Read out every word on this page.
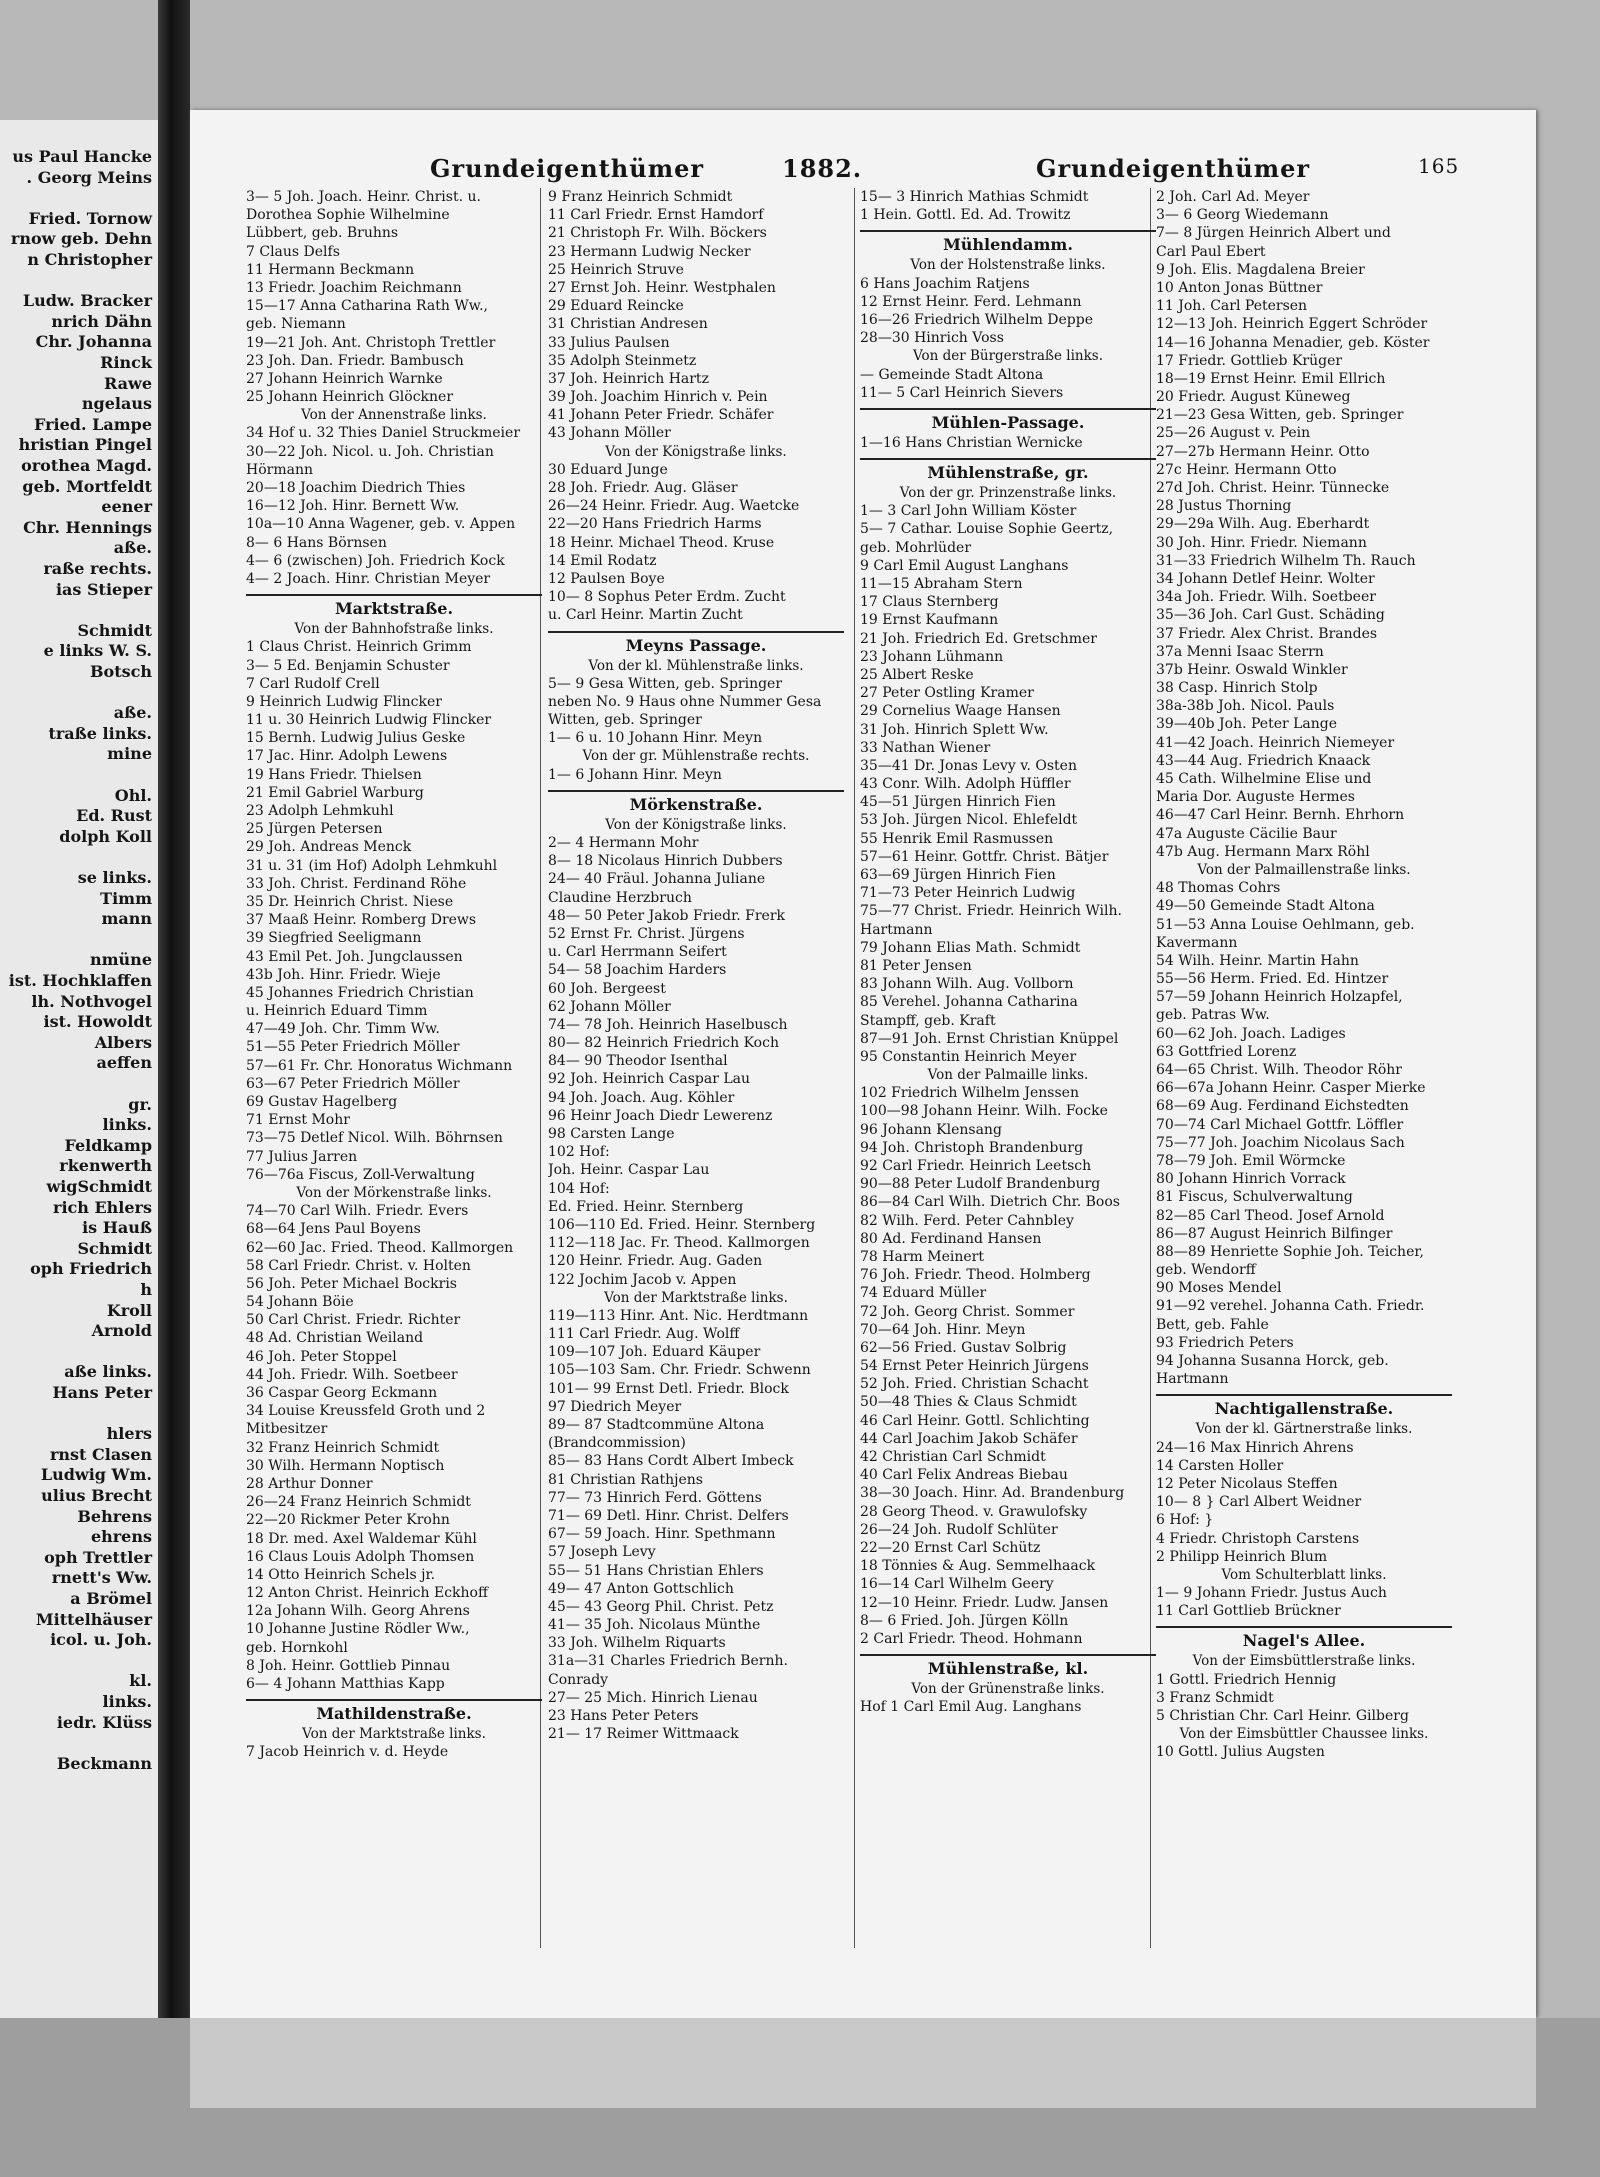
us Paul Hancke
. Georg Meins
Fried. Tornow
rnow geb. Dehn
n Christopher
Ludw. Bracker
nrich Dähn
Chr. Johanna
Rinck
Rawe
ngelaus
Fried. Lampe
hristian Pingel
orothea Magd.
geb. Mortfeldt
eener
Chr. Hennings
aße.
raße rechts.
ias Stieper
Schmidt
e links W. S.
Botsch
aße.
traße links.
mine
Ohl.
Ed. Rust
dolph Koll
se links.
Timm
mann
nmüne
ist. Hochklaffen
lh. Nothvogel
ist. Howoldt
Albers
aeffen
gr.
links.
Feldkamp
rkenwerth
wigSchmidt
rich Ehlers
is Hauß
Schmidt
oph Friedrich
h
Kroll
Arnold
aße links.
Hans Peter
hlers
rnst Clasen
Ludwig Wm.
ulius Brecht
Behrens
ehrens
oph Trettler
rnett's Ww.
a Brömel
Mittelhäuser
icol. u. Joh.
kl.
links.
iedr. Klüss
Beckmann
Grundeigenthümer	1882.	Grundeigenthümer	165
3— 5 Joh. Joach. Heinr. Christ. u.
Dorothea Sophie Wilhelmine
Lübbert, geb. Bruhns
7 Claus Delfs
11 Hermann Beckmann
13 Friedr. Joachim Reichmann
15—17 Anna Catharina Rath Ww.,
geb. Niemann
19—21 Joh. Ant. Christoph Trettler
23 Joh. Dan. Friedr. Bambusch
27 Johann Heinrich Warnke
25 Johann Heinrich Glöckner
Von der Annenstraße links.
34 Hof u. 32 Thies Daniel Struckmeier
30—22 Joh. Nicol. u. Joh. Christian
Hörmann
20—18 Joachim Diedrich Thies
16—12 Joh. Hinr. Bernett Ww.
10a—10 Anna Wagener, geb. v. Appen
8— 6 Hans Börnsen
4— 6 (zwischen) Joh. Friedrich Kock
4— 2 Joach. Hinr. Christian Meyer
Marktstraße.
Von der Bahnhofstraße links.
1 Claus Christ. Heinrich Grimm
3— 5 Ed. Benjamin Schuster
7 Carl Rudolf Crell
9 Heinrich Ludwig Flincker
11 u. 30 Heinrich Ludwig Flincker
15 Bernh. Ludwig Julius Geske
17 Jac. Hinr. Adolph Lewens
19 Hans Friedr. Thielsen
21 Emil Gabriel Warburg
23 Adolph Lehmkuhl
25 Jürgen Petersen
29 Joh. Andreas Menck
31 u. 31 (im Hof) Adolph Lehmkuhl
33 Joh. Christ. Ferdinand Röhe
35 Dr. Heinrich Christ. Niese
37 Maaß Heinr. Romberg Drews
39 Siegfried Seeligmann
43 Emil Pet. Joh. Jungclaussen
43b Joh. Hinr. Friedr. Wieje
45 Johannes Friedrich Christian
u. Heinrich Eduard Timm
47—49 Joh. Chr. Timm Ww.
51—55 Peter Friedrich Möller
57—61 Fr. Chr. Honoratus Wichmann
63—67 Peter Friedrich Möller
69 Gustav Hagelberg
71 Ernst Mohr
73—75 Detlef Nicol. Wilh. Böhrnsen
77 Julius Jarren
76—76a Fiscus, Zoll-Verwaltung
Von der Mörkenstraße links.
74—70 Carl Wilh. Friedr. Evers
68—64 Jens Paul Boyens
62—60 Jac. Fried. Theod. Kallmorgen
58 Carl Friedr. Christ. v. Holten
56 Joh. Peter Michael Bockris
54 Johann Böie
50 Carl Christ. Friedr. Richter
48 Ad. Christian Weiland
46 Joh. Peter Stoppel
44 Joh. Friedr. Wilh. Soetbeer
36 Caspar Georg Eckmann
34 Louise Kreussfeld Groth und 2
Mitbesitzer
32 Franz Heinrich Schmidt
30 Wilh. Hermann Noptisch
28 Arthur Donner
26—24 Franz Heinrich Schmidt
22—20 Rickmer Peter Krohn
18 Dr. med. Axel Waldemar Kühl
16 Claus Louis Adolph Thomsen
14 Otto Heinrich Schels jr.
12 Anton Christ. Heinrich Eckhoff
12a Johann Wilh. Georg Ahrens
10 Johanne Justine Rödler Ww.,
geb. Hornkohl
8 Joh. Heinr. Gottlieb Pinnau
6— 4 Johann Matthias Kapp
Mathildenstraße.
Von der Marktstraße links.
7 Jacob Heinrich v. d. Heyde
9 Franz Heinrich Schmidt
11 Carl Friedr. Ernst Hamdorf
21 Christoph Fr. Wilh. Böckers
23 Hermann Ludwig Necker
25 Heinrich Struve
27 Ernst Joh. Heinr. Westphalen
29 Eduard Reincke
31 Christian Andresen
33 Julius Paulsen
35 Adolph Steinmetz
37 Joh. Heinrich Hartz
39 Joh. Joachim Hinrich v. Pein
41 Johann Peter Friedr. Schäfer
43 Johann Möller
Von der Königstraße links.
30 Eduard Junge
28 Joh. Friedr. Aug. Gläser
26—24 Heinr. Friedr. Aug. Waetcke
22—20 Hans Friedrich Harms
18 Heinr. Michael Theod. Kruse
14 Emil Rodatz
12 Paulsen Boye
10— 8 Sophus Peter Erdm. Zucht
u. Carl Heinr. Martin Zucht
Meyns Passage.
Von der kl. Mühlenstraße links.
5— 9 Gesa Witten, geb. Springer
neben No. 9 Haus ohne Nummer Gesa
Witten, geb. Springer
1— 6 u. 10 Johann Hinr. Meyn
Von der gr. Mühlenstraße rechts.
1— 6 Johann Hinr. Meyn
Mörkenstraße.
Von der Königstraße links.
2— 4 Hermann Mohr
8— 18 Nicolaus Hinrich Dubbers
24— 40 Fräul. Johanna Juliane
Claudine Herzbruch
48— 50 Peter Jakob Friedr. Frerk
52 Ernst Fr. Christ. Jürgens
u. Carl Herrmann Seifert
54— 58 Joachim Harders
60 Joh. Bergeest
62 Johann Möller
74— 78 Joh. Heinrich Haselbusch
80— 82 Heinrich Friedrich Koch
84— 90 Theodor Isenthal
92 Joh. Heinrich Caspar Lau
94 Joh. Joach. Aug. Köhler
96 Heinr Joach Diedr Lewerenz
98 Carsten Lange
102 Hof:
Joh. Heinr. Caspar Lau
104 Hof:
Ed. Fried. Heinr. Sternberg
106—110 Ed. Fried. Heinr. Sternberg
112—118 Jac. Fr. Theod. Kallmorgen
120 Heinr. Friedr. Aug. Gaden
122 Jochim Jacob v. Appen
Von der Marktstraße links.
119—113 Hinr. Ant. Nic. Herdtmann
111 Carl Friedr. Aug. Wolff
109—107 Joh. Eduard Käuper
105—103 Sam. Chr. Friedr. Schwenn
101— 99 Ernst Detl. Friedr. Block
97 Diedrich Meyer
89— 87 Stadtcommüne Altona
(Brandcommission)
85— 83 Hans Cordt Albert Imbeck
81 Christian Rathjens
77— 73 Hinrich Ferd. Göttens
71— 69 Detl. Hinr. Christ. Delfers
67— 59 Joach. Hinr. Spethmann
57 Joseph Levy
55— 51 Hans Christian Ehlers
49— 47 Anton Gottschlich
45— 43 Georg Phil. Christ. Petz
41— 35 Joh. Nicolaus Münthe
33 Joh. Wilhelm Riquarts
31a—31 Charles Friedrich Bernh.
Conrady
27— 25 Mich. Hinrich Lienau
23 Hans Peter Peters
21— 17 Reimer Wittmaack
15— 3 Hinrich Mathias Schmidt
1 Hein. Gottl. Ed. Ad. Trowitz
Mühlendamm.
Von der Holstenstraße links.
6 Hans Joachim Ratjens
12 Ernst Heinr. Ferd. Lehmann
16—26 Friedrich Wilhelm Deppe
28—30 Hinrich Voss
Von der Bürgerstraße links.
— Gemeinde Stadt Altona
11— 5 Carl Heinrich Sievers
Mühlen-Passage.
1—16 Hans Christian Wernicke
Mühlenstraße, gr.
Von der gr. Prinzenstraße links.
1— 3 Carl John William Köster
5— 7 Cathar. Louise Sophie Geertz,
geb. Mohrlüder
9 Carl Emil August Langhans
11—15 Abraham Stern
17 Claus Sternberg
19 Ernst Kaufmann
21 Joh. Friedrich Ed. Gretschmer
23 Johann Lühmann
25 Albert Reske
27 Peter Ostling Kramer
29 Cornelius Waage Hansen
31 Joh. Hinrich Splett Ww.
33 Nathan Wiener
35—41 Dr. Jonas Levy v. Osten
43 Conr. Wilh. Adolph Hüffler
45—51 Jürgen Hinrich Fien
53 Joh. Jürgen Nicol. Ehlefeldt
55 Henrik Emil Rasmussen
57—61 Heinr. Gottfr. Christ. Bätjer
63—69 Jürgen Hinrich Fien
71—73 Peter Heinrich Ludwig
75—77 Christ. Friedr. Heinrich Wilh.
Hartmann
79 Johann Elias Math. Schmidt
81 Peter Jensen
83 Johann Wilh. Aug. Vollborn
85 Verehel. Johanna Catharina
Stampff, geb. Kraft
87—91 Joh. Ernst Christian Knüppel
95 Constantin Heinrich Meyer
Von der Palmaille links.
102 Friedrich Wilhelm Jenssen
100—98 Johann Heinr. Wilh. Focke
96 Johann Klensang
94 Joh. Christoph Brandenburg
92 Carl Friedr. Heinrich Leetsch
90—88 Peter Ludolf Brandenburg
86—84 Carl Wilh. Dietrich Chr. Boos
82 Wilh. Ferd. Peter Cahnbley
80 Ad. Ferdinand Hansen
78 Harm Meinert
76 Joh. Friedr. Theod. Holmberg
74 Eduard Müller
72 Joh. Georg Christ. Sommer
70—64 Joh. Hinr. Meyn
62—56 Fried. Gustav Solbrig
54 Ernst Peter Heinrich Jürgens
52 Joh. Fried. Christian Schacht
50—48 Thies & Claus Schmidt
46 Carl Heinr. Gottl. Schlichting
44 Carl Joachim Jakob Schäfer
42 Christian Carl Schmidt
40 Carl Felix Andreas Biebau
38—30 Joach. Hinr. Ad. Brandenburg
28 Georg Theod. v. Grawulofsky
26—24 Joh. Rudolf Schlüter
22—20 Ernst Carl Schütz
18 Tönnies & Aug. Semmelhaack
16—14 Carl Wilhelm Geery
12—10 Heinr. Friedr. Ludw. Jansen
8— 6 Fried. Joh. Jürgen Kölln
2 Carl Friedr. Theod. Hohmann
Mühlenstraße, kl.
Von der Grünenstraße links.
Hof 1 Carl Emil Aug. Langhans
2 Joh. Carl Ad. Meyer
3— 6 Georg Wiedemann
7— 8 Jürgen Heinrich Albert und
Carl Paul Ebert
9 Joh. Elis. Magdalena Breier
10 Anton Jonas Büttner
11 Joh. Carl Petersen
12—13 Joh. Heinrich Eggert Schröder
14—16 Johanna Menadier, geb. Köster
17 Friedr. Gottlieb Krüger
18—19 Ernst Heinr. Emil Ellrich
20 Friedr. August Küneweg
21—23 Gesa Witten, geb. Springer
25—26 August v. Pein
27—27b Hermann Heinr. Otto
27c Heinr. Hermann Otto
27d Joh. Christ. Heinr. Tünnecke
28 Justus Thorning
29—29a Wilh. Aug. Eberhardt
30 Joh. Hinr. Friedr. Niemann
31—33 Friedrich Wilhelm Th. Rauch
34 Johann Detlef Heinr. Wolter
34a Joh. Friedr. Wilh. Soetbeer
35—36 Joh. Carl Gust. Schäding
37 Friedr. Alex Christ. Brandes
37a Menni Isaac Sterrn
37b Heinr. Oswald Winkler
38 Casp. Hinrich Stolp
38a-38b Joh. Nicol. Pauls
39—40b Joh. Peter Lange
41—42 Joach. Heinrich Niemeyer
43—44 Aug. Friedrich Knaack
45 Cath. Wilhelmine Elise und
Maria Dor. Auguste Hermes
46—47 Carl Heinr. Bernh. Ehrhorn
47a Auguste Cäcilie Baur
47b Aug. Hermann Marx Röhl
Von der Palmaillenstraße links.
48 Thomas Cohrs
49—50 Gemeinde Stadt Altona
51—53 Anna Louise Oehlmann, geb.
Kavermann
54 Wilh. Heinr. Martin Hahn
55—56 Herm. Fried. Ed. Hintzer
57—59 Johann Heinrich Holzapfel,
geb. Patras Ww.
60—62 Joh. Joach. Ladiges
63 Gottfried Lorenz
64—65 Christ. Wilh. Theodor Röhr
66—67a Johann Heinr. Casper Mierke
68—69 Aug. Ferdinand Eichstedten
70—74 Carl Michael Gottfr. Löffler
75—77 Joh. Joachim Nicolaus Sach
78—79 Joh. Emil Wörmcke
80 Johann Hinrich Vorrack
81 Fiscus, Schulverwaltung
82—85 Carl Theod. Josef Arnold
86—87 August Heinrich Bilfinger
88—89 Henriette Sophie Joh. Teicher,
geb. Wendorff
90 Moses Mendel
91—92 verehel. Johanna Cath. Friedr.
Bett, geb. Fahle
93 Friedrich Peters
94 Johanna Susanna Horck, geb.
Hartmann
Nachtigallenstraße.
Von der kl. Gärtnerstraße links.
24—16 Max Hinrich Ahrens
14 Carsten Holler
12 Peter Nicolaus Steffen
10— 8 } Carl Albert Weidner
6 Hof: }
4 Friedr. Christoph Carstens
2 Philipp Heinrich Blum
Vom Schulterblatt links.
1— 9 Johann Friedr. Justus Auch
11 Carl Gottlieb Brückner
Nagel's Allee.
Von der Eimsbüttlerstraße links.
1 Gottl. Friedrich Hennig
3 Franz Schmidt
5 Christian Chr. Carl Heinr. Gilberg
Von der Eimsbüttler Chaussee links.
10 Gottl. Julius Augsten
